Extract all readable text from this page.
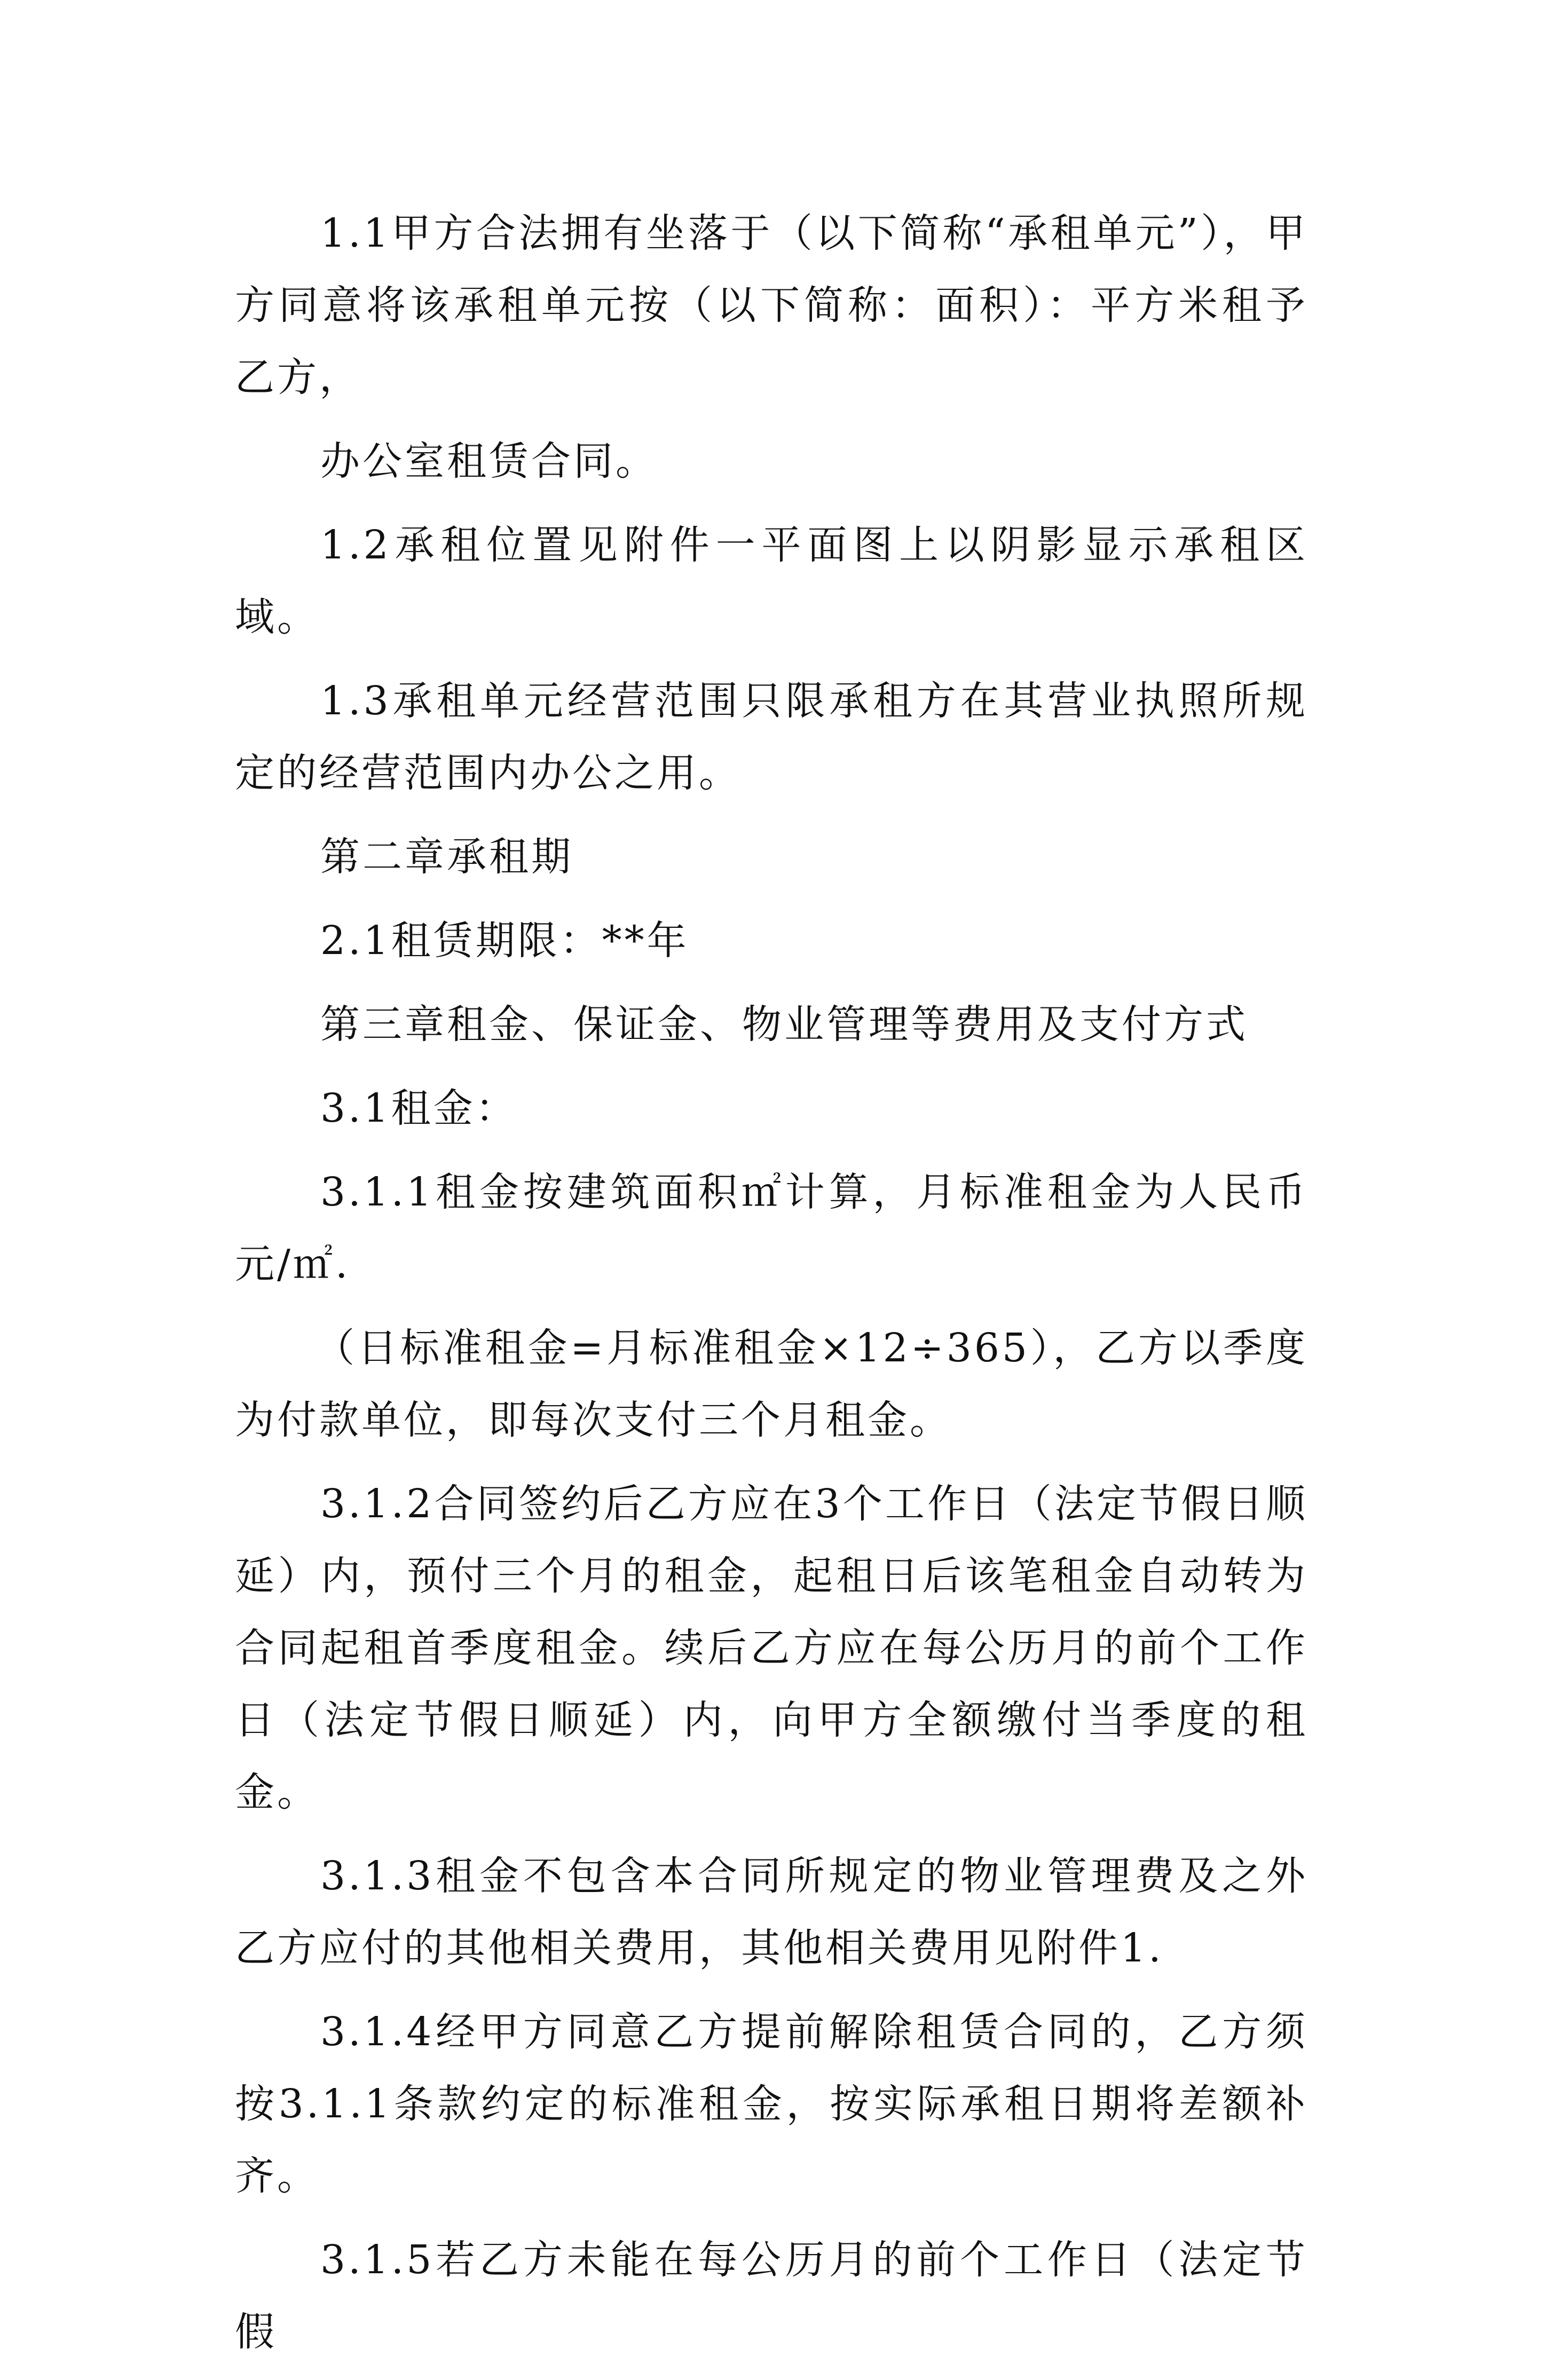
1.1甲方合法拥有坐落于（以下简称“承租单元”），甲方同意将该承租单元按（以下简称：面积）：平方米租予乙方，

办公室租赁合同。

1.2承租位置见附件一平面图上以阴影显示承租区域。

1.3承租单元经营范围只限承租方在其营业执照所规定的经营范围内办公之用。

第二章承租期

2.1租赁期限：**年

第三章租金、保证金、物业管理等费用及支付方式

3.1租金：

3.1.1租金按建筑面积㎡计算，月标准租金为人民币元/㎡.

（日标准租金=月标准租金×12÷365），乙方以季度为付款单位，即每次支付三个月租金。

3.1.2合同签约后乙方应在3个工作日（法定节假日顺延）内，预付三个月的租金，起租日后该笔租金自动转为合同起租首季度租金。续后乙方应在每公历月的前个工作日（法定节假日顺延）内，向甲方全额缴付当季度的租金。

3.1.3租金不包含本合同所规定的物业管理费及之外乙方应付的其他相关费用，其他相关费用见附件1.

3.1.4经甲方同意乙方提前解除租赁合同的，乙方须按3.1.1条款约定的标准租金，按实际承租日期将差额补齐。

3.1.5若乙方未能在每公历月的前个工作日（法定节假
